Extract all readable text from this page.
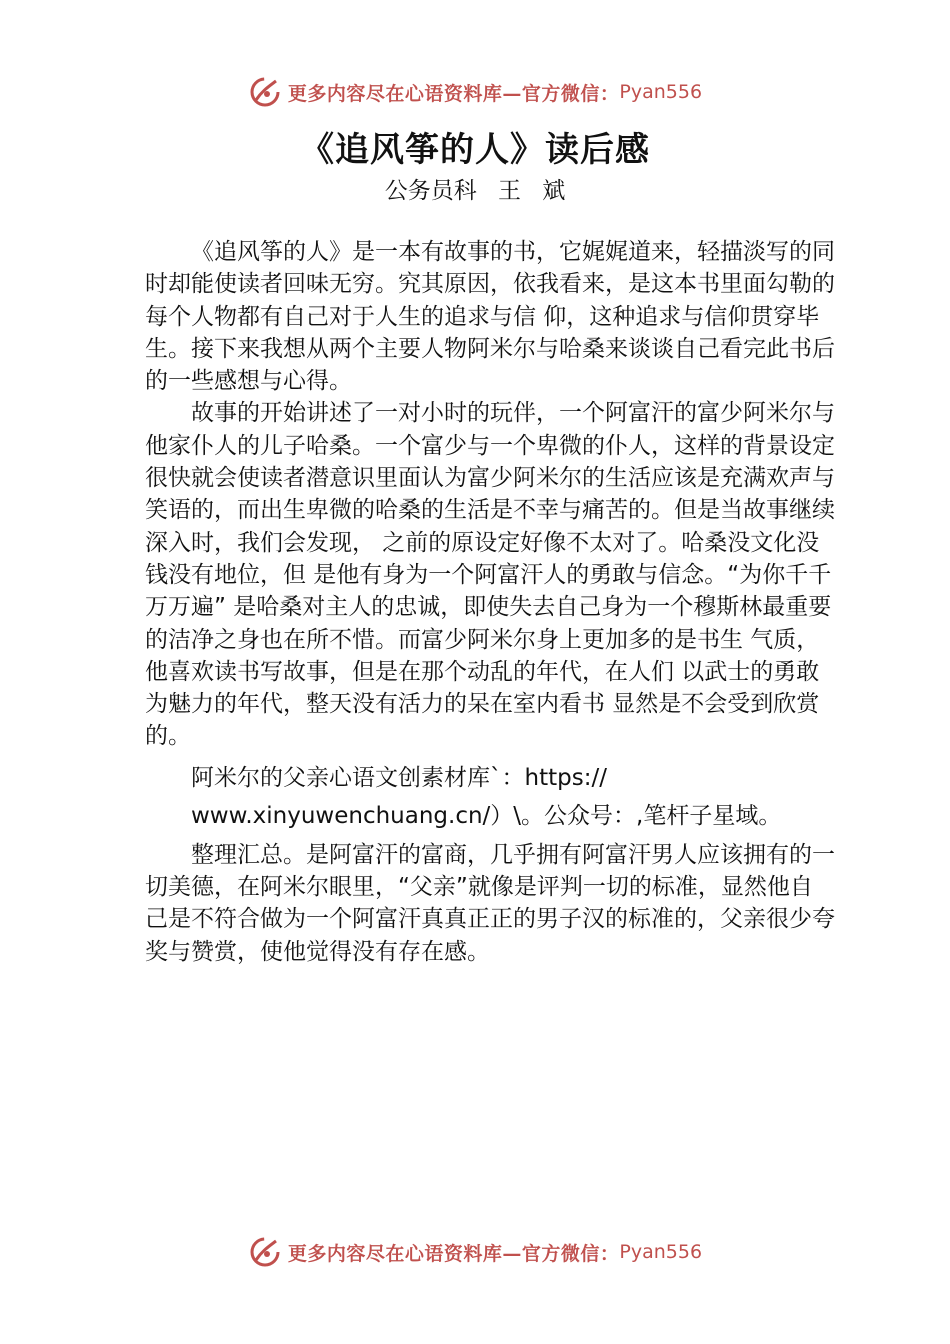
更多内容尽在心语资料库—官方微信： Pyan556
《追风筝的人》读后感

公务员科 王 斌

《追风筝的人》是一本有故事的书，它娓娓道来，轻描淡写的同时却能使读者回味无穷。究其原因，依我看来，是这本书里面勾勒的每个人物都有自己对于人生的追求与信 仰，这种追求与信仰贯穿毕生。接下来我想从两个主要人物阿米尔与哈桑来谈谈自己看完此书后的一些感想与心得。

故事的开始讲述了一对小时的玩伴，一个阿富汗的富少阿米尔与他家仆人的儿子哈桑。一个富少与一个卑微的仆人，这样的背景设定很快就会使读者潜意识里面认为富少阿米尔的生活应该是充满欢声与笑语的，而出生卑微的哈桑的生活是不幸与痛苦的。但是当故事继续深入时，我们会发现， 之前的原设定好像不太对了。哈桑没文化没钱没有地位，但 是他有身为一个阿富汗人的勇敢与信念。“为你千千万万遍” 是哈桑对主人的忠诚，即使失去自己身为一个穆斯林最重要 的洁净之身也在所不惜。而富少阿米尔身上更加多的是书生 气质，他喜欢读书写故事，但是在那个动乱的年代，在人们 以武士的勇敢为魅力的年代，整天没有活力的呆在室内看书 显然是不会受到欣赏的。

阿米尔的父亲心语文创素材库`：https://

www.xinyuwenchuang.cn/）\。公众号：,笔杆子星域。

整理汇总。是阿富汗的富商，几乎拥有阿富汗男人应该拥有的一切美德，在阿米尔眼里，“父亲”就像是评判一切的标准，显然他自己是不符合做为一个阿富汗真真正正的男子汉的标准的，父亲很少夸奖与赞赏，使他觉得没有存在感。

更多内容尽在心语资料库—官方微信： Pyan556
